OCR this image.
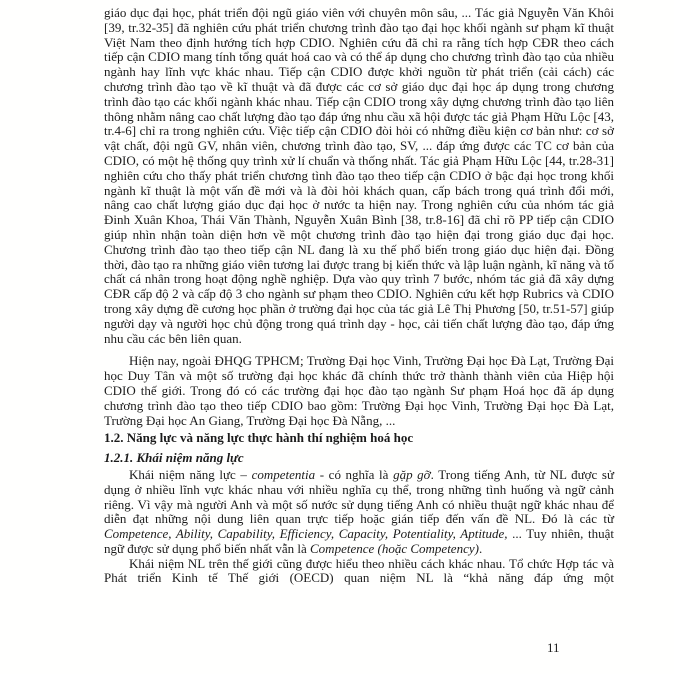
giáo dục đại học, phát triển đội ngũ giáo viên với chuyên môn sâu, ... Tác giả Nguyễn Văn Khôi [39, tr.32-35] đã nghiên cứu phát triển chương trình đào tạo đại học khối ngành sư phạm kĩ thuật Việt Nam theo định hướng tích hợp CDIO. Nghiên cứu đã chỉ ra rằng tích hợp CĐR theo cách tiếp cận CDIO mang tính tổng quát hoá cao và có thể áp dụng cho chương trình đào tạo của nhiều ngành hay lĩnh vực khác nhau. Tiếp cận CDIO được khởi nguồn từ phát triển (cải cách) các chương trình đào tạo về kĩ thuật và đã được các cơ sở giáo dục đại học áp dụng trong chương trình đào tạo các khối ngành khác nhau. Tiếp cận CDIO trong xây dựng chương trình đào tạo liên thông nhằm nâng cao chất lượng đào tạo đáp ứng nhu cầu xã hội được tác giả Phạm Hữu Lộc [43, tr.4-6] chỉ ra trong nghiên cứu. Việc tiếp cận CDIO đòi hỏi có những điều kiện cơ bản như: cơ sở vật chất, đội ngũ GV, nhân viên, chương trình đào tạo, SV, ... đáp ứng được các TC cơ bản của CDIO, có một hệ thống quy trình xử lí chuẩn và thống nhất. Tác giả Phạm Hữu Lộc [44, tr.28-31] nghiên cứu cho thấy phát triển chương tình đào tạo theo tiếp cận CDIO ở bậc đại học trong khối ngành kĩ thuật là một vấn đề mới và là đòi hỏi khách quan, cấp bách trong quá trình đổi mới, nâng cao chất lượng giáo dục đại học ở nước ta hiện nay. Trong nghiên cứu của nhóm tác giả Đinh Xuân Khoa, Thái Văn Thành, Nguyễn Xuân Bình [38, tr.8-16] đã chỉ rõ PP tiếp cận CDIO giúp nhìn nhận toàn diện hơn về một chương trình đào tạo hiện đại trong giáo dục đại học. Chương trình đào tạo theo tiếp cận NL đang là xu thế phổ biến trong giáo dục hiện đại. Đồng thời, đào tạo ra những giáo viên tương lai được trang bị kiến thức và lập luận ngành, kĩ năng và tố chất cá nhân trong hoạt động nghề nghiệp. Dựa vào quy trình 7 bước, nhóm tác giả đã xây dựng CĐR cấp độ 2 và cấp độ 3 cho ngành sư phạm theo CDIO. Nghiên cứu kết hợp Rubrics và CDIO trong xây dựng đề cương học phần ở trường đại học của tác giả Lê Thị Phương [50, tr.51-57] giúp người dạy và người học chủ động trong quá trình dạy - học, cải tiến chất lượng đào tạo, đáp ứng nhu cầu các bên liên quan.

Hiện nay, ngoài ĐHQG TPHCM; Trường Đại học Vinh, Trường Đại học Đà Lạt, Trường Đại học Duy Tân và một số trường đại học khác đã chính thức trở thành thành viên của Hiệp hội CDIO thế giới. Trong đó có các trường đại học đào tạo ngành Sư phạm Hoá học đã áp dụng chương trình đào tạo theo tiếp CDIO bao gồm: Trường Đại học Vinh, Trường Đại học Đà Lạt, Trường Đại học An Giang, Trường Đại học Đà Nẵng, ...

1.2. Năng lực và năng lực thực hành thí nghiệm hoá học

1.2.1. Khái niệm năng lực

Khái niệm năng lực – competentia - có nghĩa là gặp gỡ. Trong tiếng Anh, từ NL được sử dụng ở nhiều lĩnh vực khác nhau với nhiều nghĩa cụ thể, trong những tình huống và ngữ cảnh riêng. Vì vậy mà người Anh và một số nước sử dụng tiếng Anh có nhiều thuật ngữ khác nhau để diễn đạt những nội dung liên quan trực tiếp hoặc gián tiếp đến vấn đề NL. Đó là các từ Competence, Ability, Capability, Efficiency, Capacity, Potentiality, Aptitude, ... Tuy nhiên, thuật ngữ được sử dụng phổ biến nhất vẫn là Competence (hoặc Competency).

Khái niệm NL trên thế giới cũng được hiểu theo nhiều cách khác nhau. Tổ chức Hợp tác và Phát triển Kinh tế Thế giới (OECD) quan niệm NL là “khả năng đáp ứng một

11
